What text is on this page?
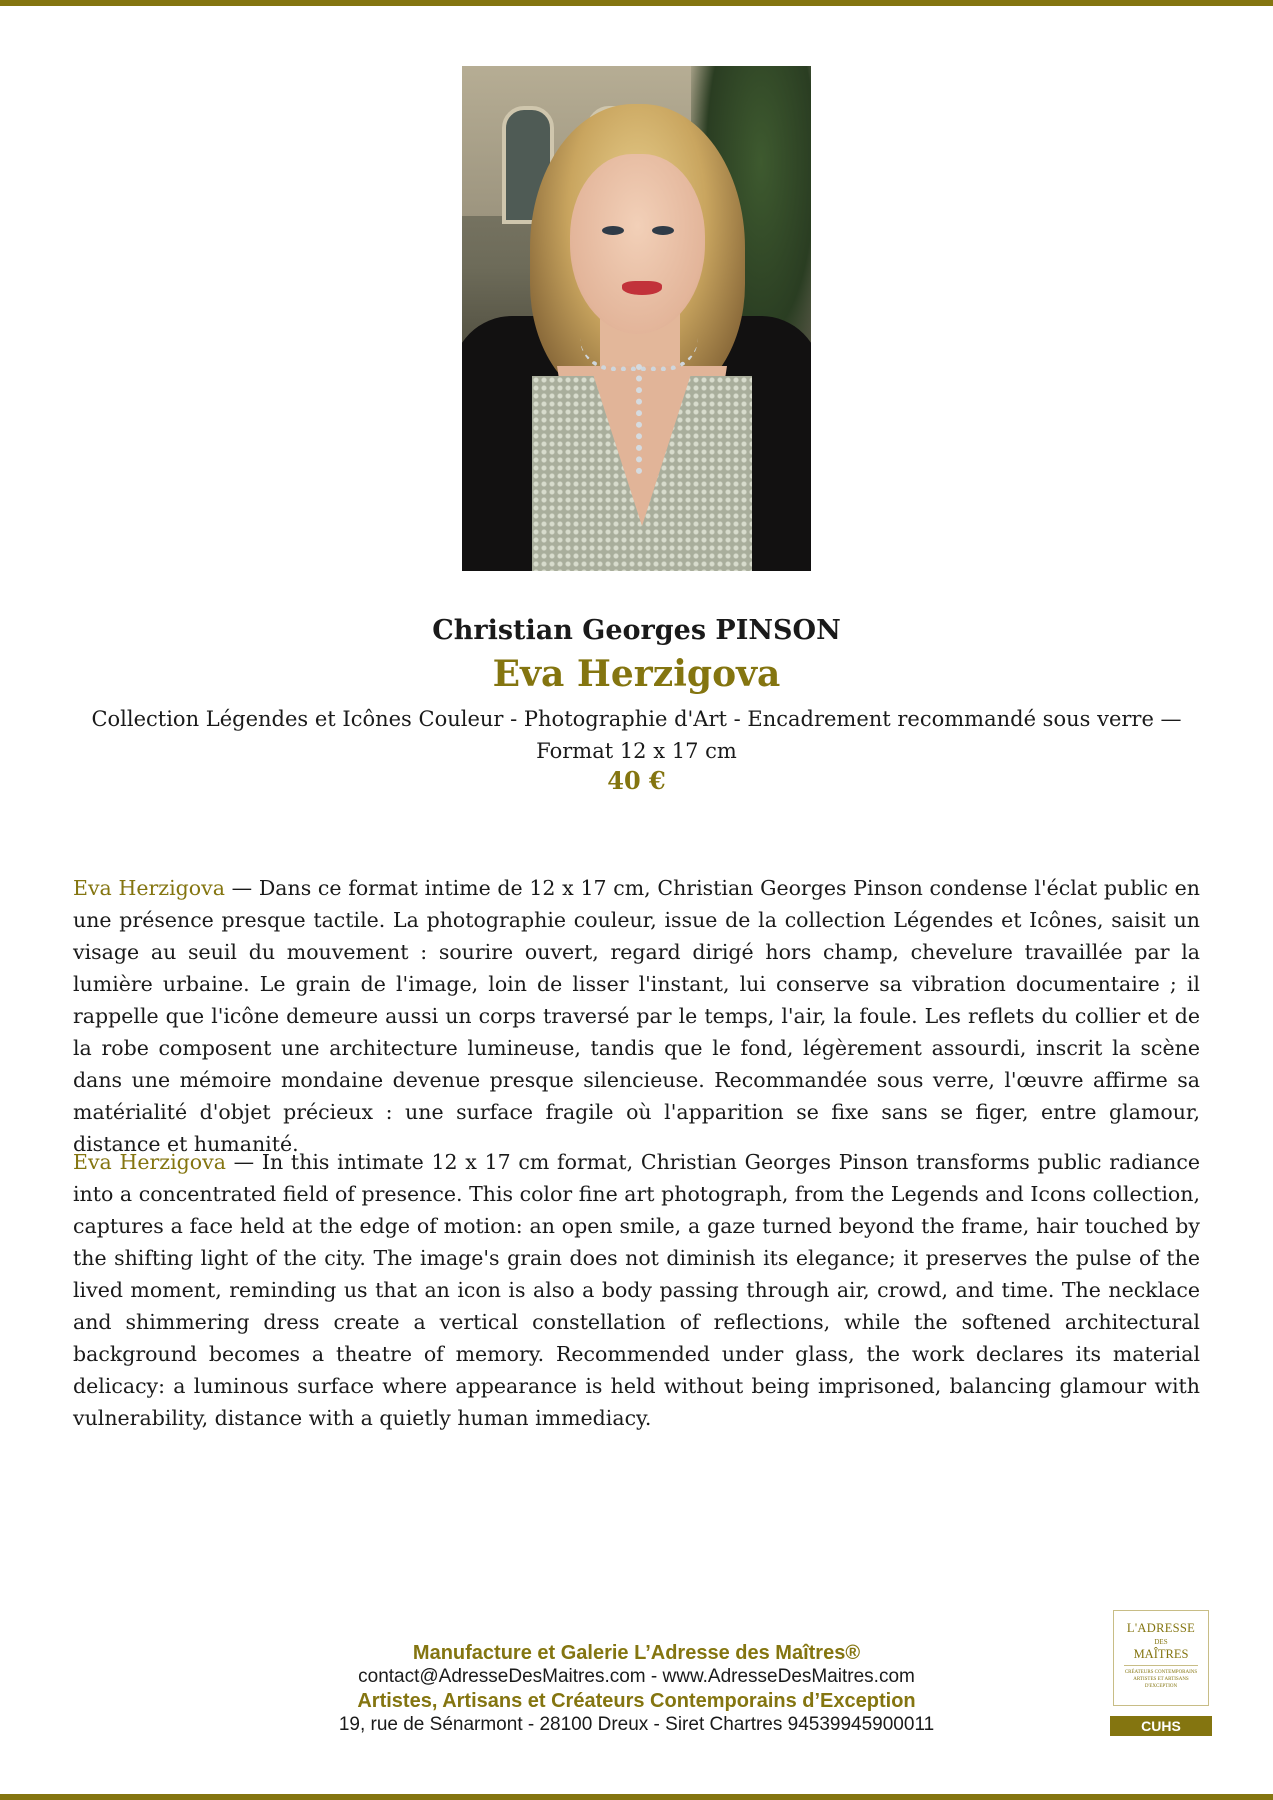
Christian Georges PINSON
Eva Herzigova
Collection Légendes et Icônes Couleur - Photographie d'Art - Encadrement recommandé sous verre — Format 12 x 17 cm
40 €

Eva Herzigova — Dans ce format intime de 12 x 17 cm, Christian Georges Pinson condense l'éclat public en une présence presque tactile. La photographie couleur, issue de la collection Légendes et Icônes, saisit un visage au seuil du mouvement : sourire ouvert, regard dirigé hors champ, chevelure travaillée par la lumière urbaine. Le grain de l'image, loin de lisser l'instant, lui conserve sa vibration documentaire ; il rappelle que l'icône demeure aussi un corps traversé par le temps, l'air, la foule. Les reflets du collier et de la robe composent une architecture lumineuse, tandis que le fond, légèrement assourdi, inscrit la scène dans une mémoire mondaine devenue presque silencieuse. Recommandée sous verre, l'œuvre affirme sa matérialité d'objet précieux : une surface fragile où l'apparition se fixe sans se figer, entre glamour, distance et humanité.

Eva Herzigova — In this intimate 12 x 17 cm format, Christian Georges Pinson transforms public radiance into a concentrated field of presence. This color fine art photograph, from the Legends and Icons collection, captures a face held at the edge of motion: an open smile, a gaze turned beyond the frame, hair touched by the shifting light of the city. The image's grain does not diminish its elegance; it preserves the pulse of the lived moment, reminding us that an icon is also a body passing through air, crowd, and time. The necklace and shimmering dress create a vertical constellation of reflections, while the softened architectural background becomes a theatre of memory. Recommended under glass, the work declares its material delicacy: a luminous surface where appearance is held without being imprisoned, balancing glamour with vulnerability, distance with a quietly human immediacy.

Manufacture et Galerie L’Adresse des Maîtres®
contact@AdresseDesMaitres.com - www.AdresseDesMaitres.com
Artistes, Artisans et Créateurs Contemporains d’Exception
19, rue de Sénarmont - 28100 Dreux - Siret Chartres 94539945900011
L'ADRESSE
DES
MAÎTRES
CRÉATEURS CONTEMPORAINS ARTISTES ET ARTISANS D'EXCEPTION
CUHS
